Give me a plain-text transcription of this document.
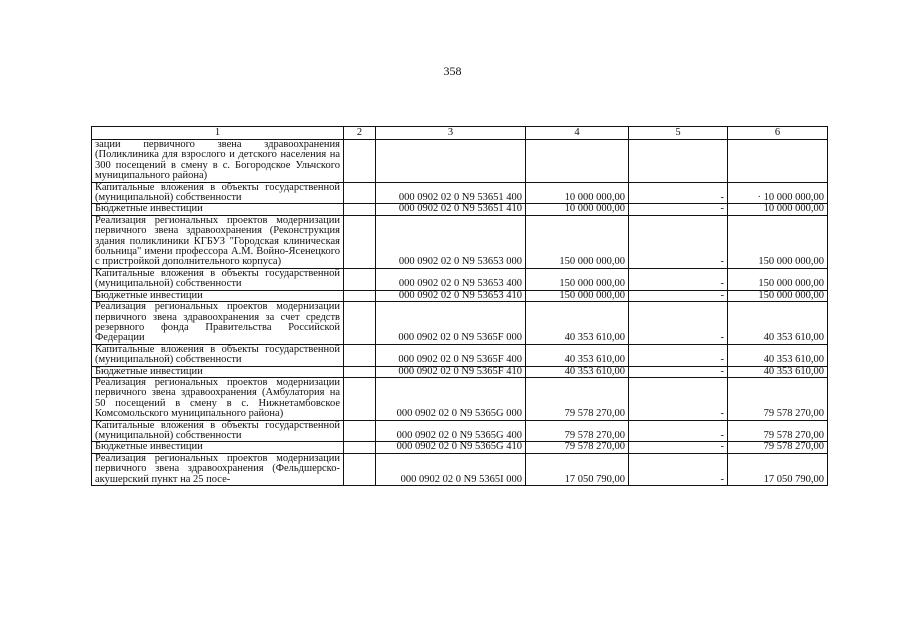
358
1	2	3	4	5	6
зации первичного звена здравоохранения (Поликлиника для взрослого и детского населения на 300 посещений в смену в с. Богородское Ульчского муниципального района)					
Капитальные вложения в объекты государственной (муниципальной) собственности		000 0902 02 0 N9 53651 400	10 000 000,00	-	· 10 000 000,00
Бюджетные инвестиции		000 0902 02 0 N9 53651 410	10 000 000,00	-	10 000 000,00
Реализация региональных проектов модернизации первичного звена здравоохранения (Реконструкция здания поликлиники КГБУЗ "Городская клиническая больница" имени профессора А.М. Войно-Ясенецкого с пристройкой дополнительного корпуса)		000 0902 02 0 N9 53653 000	150 000 000,00	-	150 000 000,00
Капитальные вложения в объекты государственной (муниципальной) собственности		000 0902 02 0 N9 53653 400	150 000 000,00	-	150 000 000,00
Бюджетные инвестиции		000 0902 02 0 N9 53653 410	150 000 000,00	-	150 000 000,00
Реализация региональных проектов модернизации первичного звена здравоохранения за счет средств резервного фонда Правительства Российской Федерации		000 0902 02 0 N9 5365F 000	40 353 610,00	-	40 353 610,00
Капитальные вложения в объекты государственной (муниципальной) собственности		000 0902 02 0 N9 5365F 400	40 353 610,00	-	40 353 610,00
Бюджетные инвестиции		000 0902 02 0 N9 5365F 410	40 353 610,00	-	40 353 610,00
Реализация региональных проектов модернизации первичного звена здравоохранения (Амбулатория на 50 посещений в смену в с. Нижнетамбовское Комсомольского муниципального района)		000 0902 02 0 N9 5365G 000	79 578 270,00	-	79 578 270,00
Капитальные вложения в объекты государственной (муниципальной) собственности		000 0902 02 0 N9 5365G 400	79 578 270,00	-	79 578 270,00
Бюджетные инвестиции		000 0902 02 0 N9 5365G 410	79 578 270,00	-	79 578 270,00
Реализация региональных проектов модернизации первичного звена здравоохранения (Фельдшерско-акушерский пункт на 25 посе-		000 0902 02 0 N9 5365I 000	17 050 790,00	-	17 050 790,00
